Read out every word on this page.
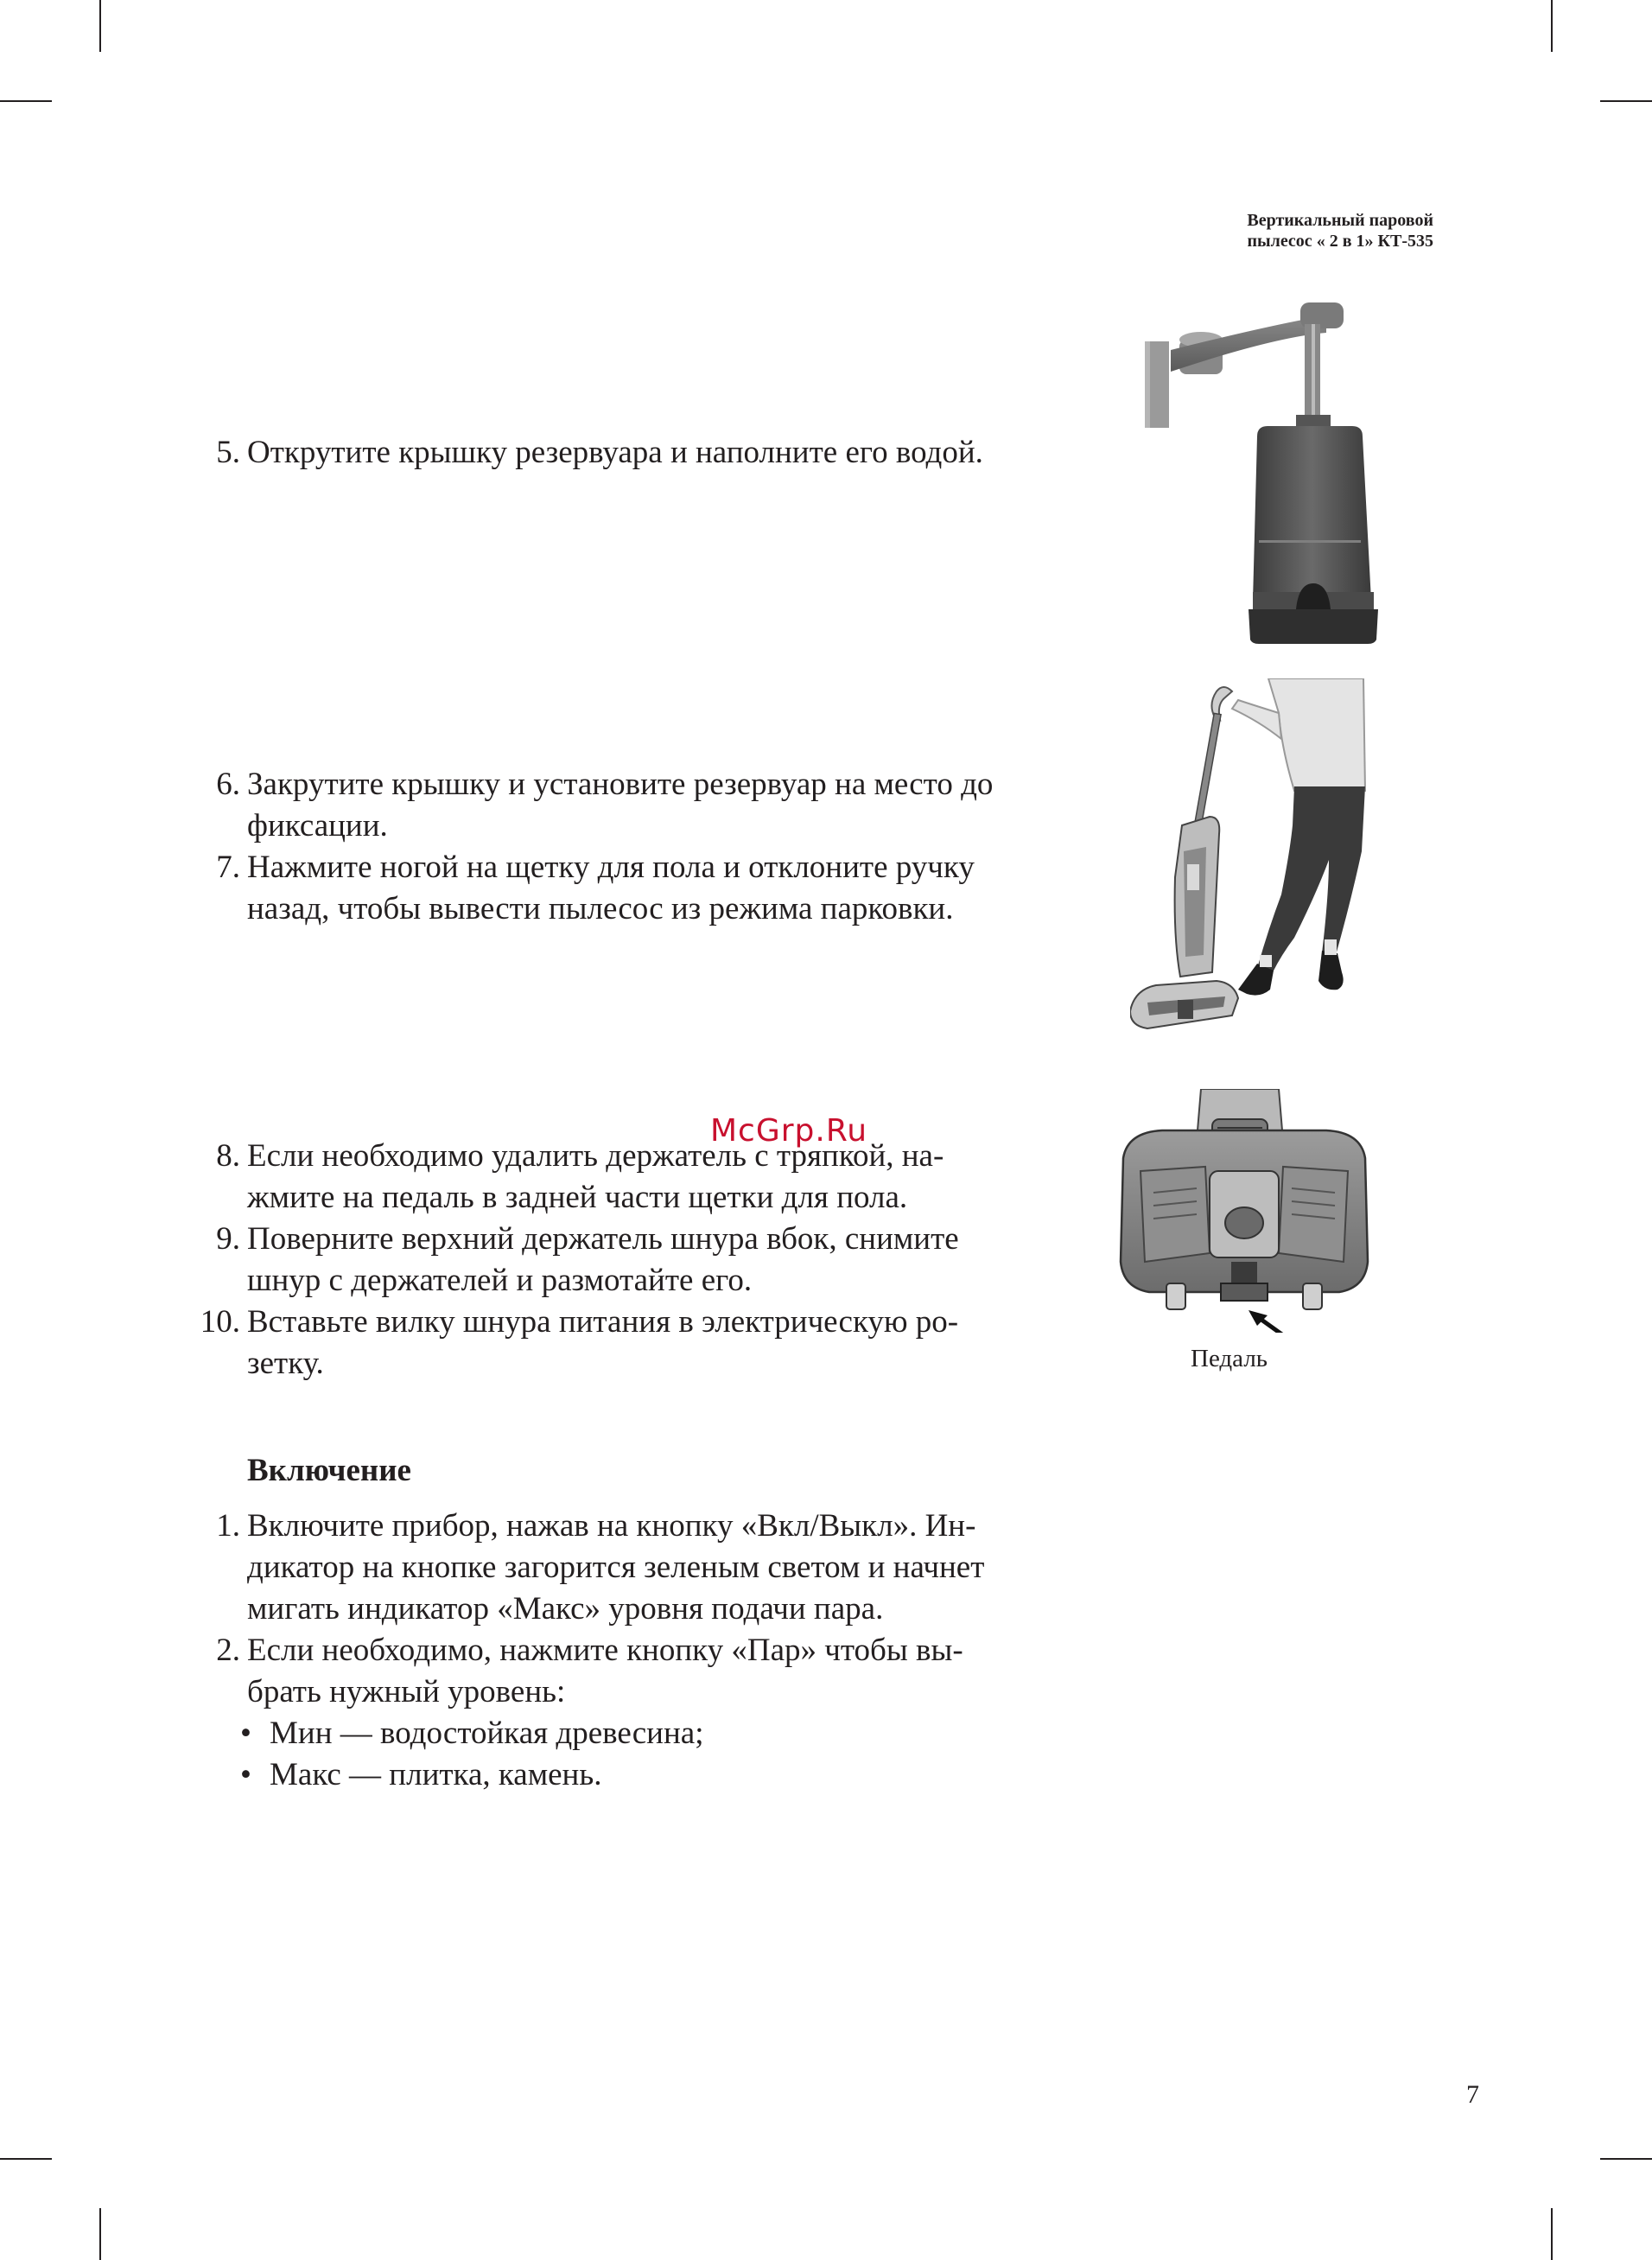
Вертикальный паровой
пылесос « 2 в 1» КТ-535
5. Открутите крышку резервуара и наполните его водой.
6. Закрутите крышку и установите резервуар на место до
фиксации.
7. Нажмите ногой на щетку для пола и отклоните ручку
назад, чтобы вывести пылесос из режима парковки.
McGrp.Ru
8. Если необходимо удалить держатель с тряпкой, на-
жмите на педаль в задней части щетки для пола.
9. Поверните верхний держатель шнура вбок, снимите
шнур с держателей и размотайте его.
10. Вставьте вилку шнура питания в электрическую ро-
зетку.
Включение
1. Включите прибор, нажав на кнопку «Вкл/Выкл». Ин-
дикатор на кнопке загорится зеленым светом и начнет
мигать индикатор «Макс» уровня подачи пара.
2. Если необходимо, нажмите кнопку «Пар» чтобы вы-
брать нужный уровень:
• Мин — водостойкая древесина;
• Макс — плитка, камень.
Педаль
7
